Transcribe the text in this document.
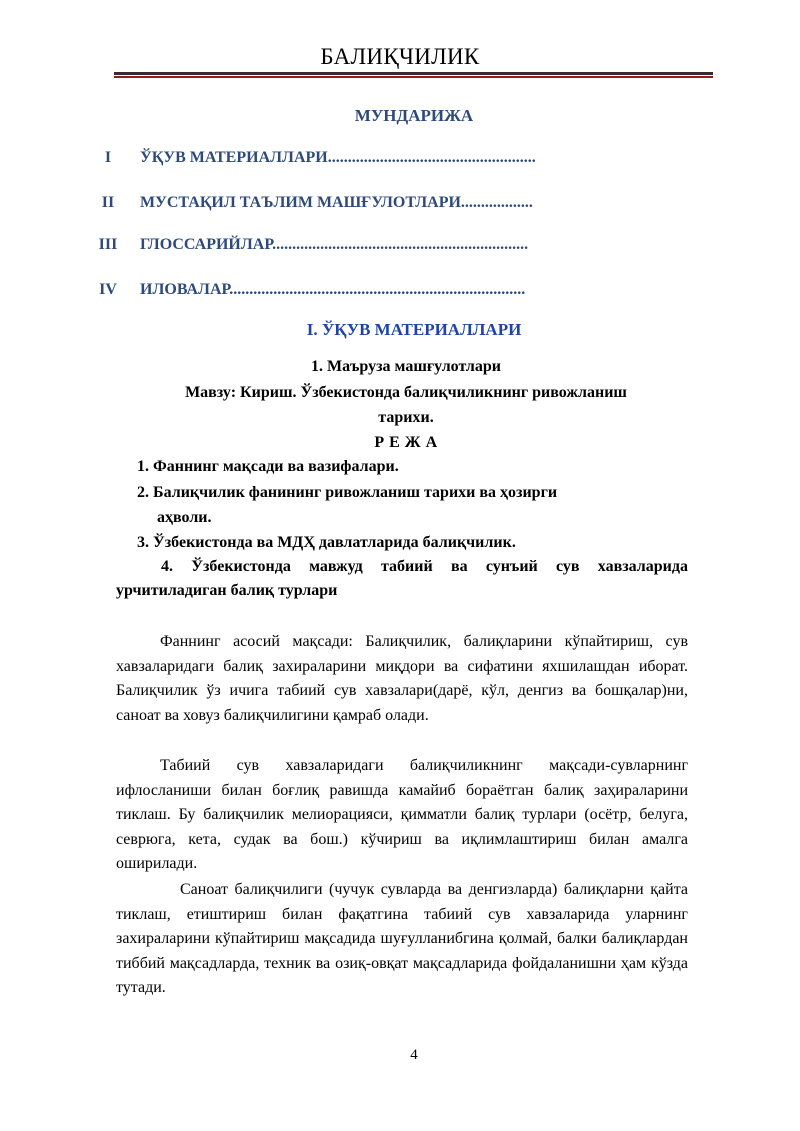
БАЛИҚЧИЛИК
МУНДАРИЖА
I	ЎҚУВ МАТЕРИАЛЛАРИ....................................................
II	МУСТАҚИЛ ТАЪЛИМ МАШҒУЛОТЛАРИ..................
III	ГЛОССАРИЙЛАР................................................................
IV	ИЛОВАЛАР..........................................................................
I. ЎҚУВ МАТЕРИАЛЛАРИ
1. Маъруза машғулотлари
Мавзу: Кириш. Ўзбекистонда балиқчиликнинг ривожланиш
тарихи.
Р Е Ж А
1. Фаннинг мақсади ва вазифалари.
2. Балиқчилик фанининг ривожланиш тарихи ва ҳозирги
аҳволи.
3. Ўзбекистонда ва МДҲ давлатларида балиқчилик.
4. Ўзбекистонда мавжуд табиий ва сунъий сув хавзаларида
урчитиладиган балиқ турлари

Фаннинг асосий мақсади: Балиқчилик, балиқларини кўпайтириш, сув хавзаларидаги балиқ захираларини миқдори ва сифатини яхшилашдан иборат. Балиқчилик ўз ичига табиий сув хавзалари(дарё, кўл, денгиз ва бошқалар)ни, саноат ва ховуз балиқчилигини қамраб олади.

Табиий сув хавзаларидаги балиқчиликнинг мақсади-сувларнинг ифлосланиши билан боғлиқ равишда камайиб бораётган балиқ заҳираларини тиклаш. Бу балиқчилик мелиорацияси, қимматли балиқ турлари (осётр, белуга, севрюга, кета, судак ва бош.) кўчириш ва иқлимлаштириш билан амалга оширилади.

Саноат балиқчилиги (чучук сувларда ва денгизларда) балиқларни қайта тиклаш, етиштириш билан фақатгина табиий сув хавзаларида уларнинг захираларини кўпайтириш мақсадида шуғулланибгина қолмай, балки балиқлардан тиббий мақсадларда, техник ва озиқ-овқат мақсадларида фойдаланишни ҳам кўзда тутади.

4
